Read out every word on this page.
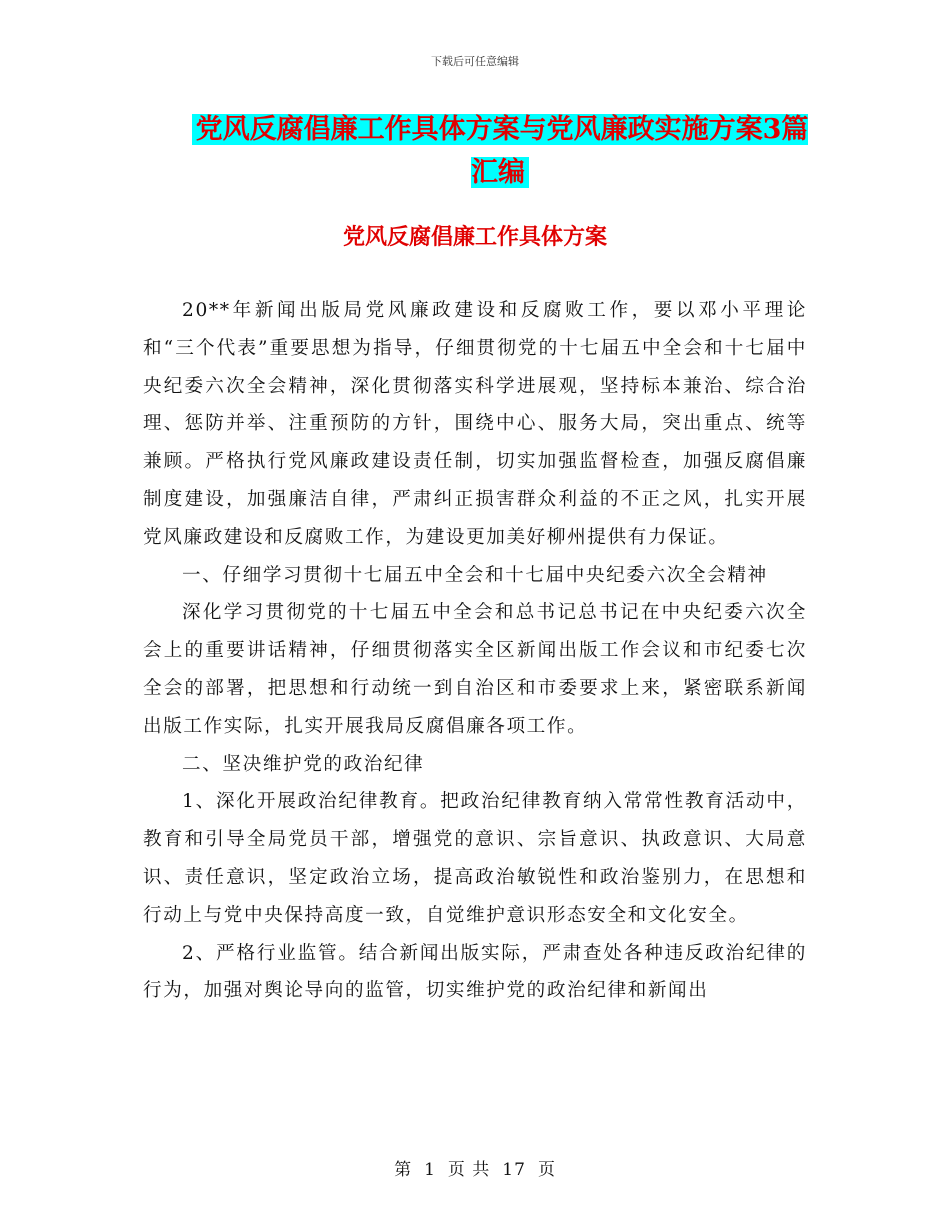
下载后可任意编辑
党风反腐倡廉工作具体方案与党风廉政实施方案3篇汇编
党风反腐倡廉工作具体方案

20**年新闻出版局党风廉政建设和反腐败工作，要以邓小平理论和“三个代表”重要思想为指导，仔细贯彻党的十七届五中全会和十七届中央纪委六次全会精神，深化贯彻落实科学进展观，坚持标本兼治、综合治理、惩防并举、注重预防的方针，围绕中心、服务大局，突出重点、统等兼顾。严格执行党风廉政建设责任制，切实加强监督检查，加强反腐倡廉制度建设，加强廉洁自律，严肃纠正损害群众利益的不正之风，扎实开展党风廉政建设和反腐败工作，为建设更加美好柳州提供有力保证。

一、仔细学习贯彻十七届五中全会和十七届中央纪委六次全会精神

深化学习贯彻党的十七届五中全会和总书记总书记在中央纪委六次全会上的重要讲话精神，仔细贯彻落实全区新闻出版工作会议和市纪委七次全会的部署，把思想和行动统一到自治区和市委要求上来，紧密联系新闻出版工作实际，扎实开展我局反腐倡廉各项工作。

二、坚决维护党的政治纪律

1、深化开展政治纪律教育。把政治纪律教育纳入常常性教育活动中，教育和引导全局党员干部，增强党的意识、宗旨意识、执政意识、大局意识、责任意识，坚定政治立场，提高政治敏锐性和政治鉴别力，在思想和行动上与党中央保持高度一致，自觉维护意识形态安全和文化安全。

2、严格行业监管。结合新闻出版实际，严肃查处各种违反政治纪律的行为，加强对舆论导向的监管，切实维护党的政治纪律和新闻出

第 1 页 共 17 页
